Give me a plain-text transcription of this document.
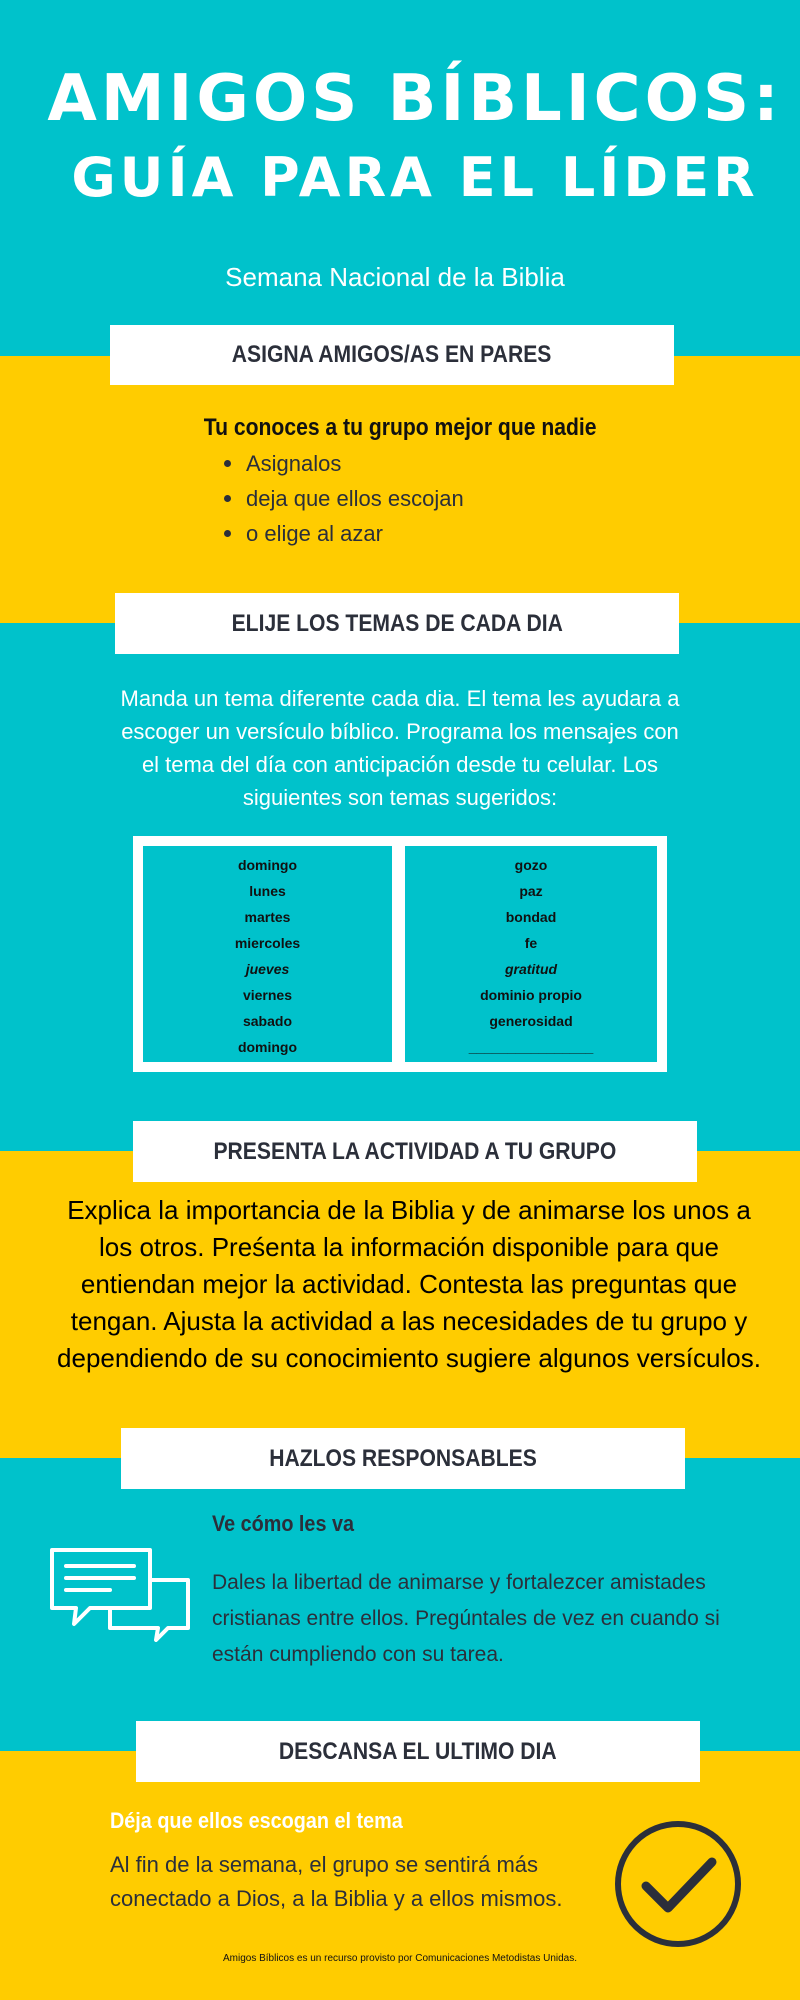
AMIGOS BÍBLICOS:
GUÍA PARA EL LÍDER
Semana Nacional de la Biblia
ASIGNA AMIGOS/AS EN PARES
Tu conoces a tu grupo mejor que nadie
Asignalos
deja que ellos escojan
o elige al azar
ELIJE LOS TEMAS DE CADA DIA
Manda un tema diferente cada dia. El tema les ayudara a escoger un versículo bíblico. Programa los mensajes con el tema del día con anticipación desde tu celular. Los siguientes son temas sugeridos:
domingo
lunes
martes
miercoles
jueves
viernes
sabado
domingo
gozo
paz
bondad
fe
gratitud
dominio propio
generosidad
________________
PRESENTA LA ACTIVIDAD A TU GRUPO
Explica la importancia de la Biblia y de animarse los unos a los otros. Preśenta la información disponible para que entiendan mejor la actividad. Contesta las preguntas que tengan. Ajusta la actividad a las necesidades de tu grupo y dependiendo de su conocimiento sugiere algunos versículos.
HAZLOS RESPONSABLES
Ve cómo les va
Dales la libertad de animarse y fortalezcer amistades cristianas entre ellos. Pregúntales de vez en cuando si están cumpliendo con su tarea.
DESCANSA EL ULTIMO DIA
Déja que ellos escogan el tema
Al fin de la semana, el grupo se sentirá más conectado a Dios, a la Biblia y a ellos mismos.
Amigos Bíblicos es un recurso provisto por Comunicaciones Metodistas Unidas.
